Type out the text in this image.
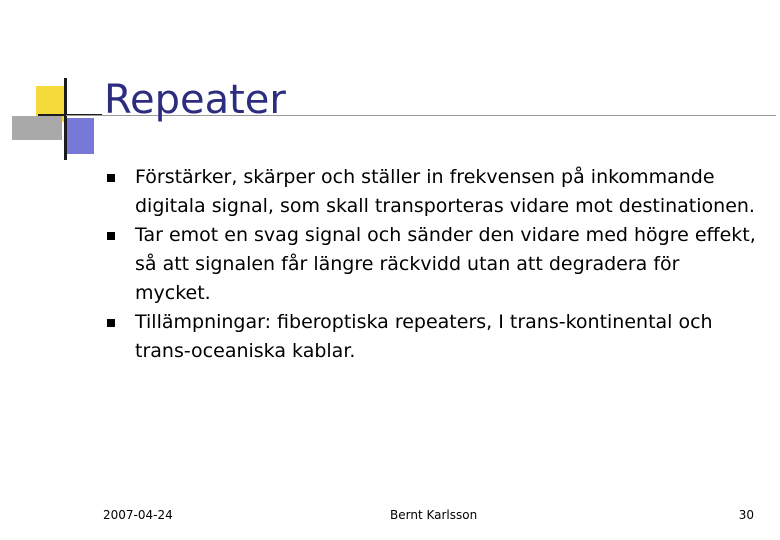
Repeater
Förstärker, skärper och ställer in frekvensen på inkommande digitala signal, som skall transporteras vidare mot destinationen.
Tar emot en svag signal och sänder den vidare med högre effekt, så att signalen får längre räckvidd utan att degradera för mycket.
Tillämpningar: fiberoptiska repeaters, I trans-kontinental och trans-oceaniska kablar.
2007-04-24	Bernt Karlsson	30
